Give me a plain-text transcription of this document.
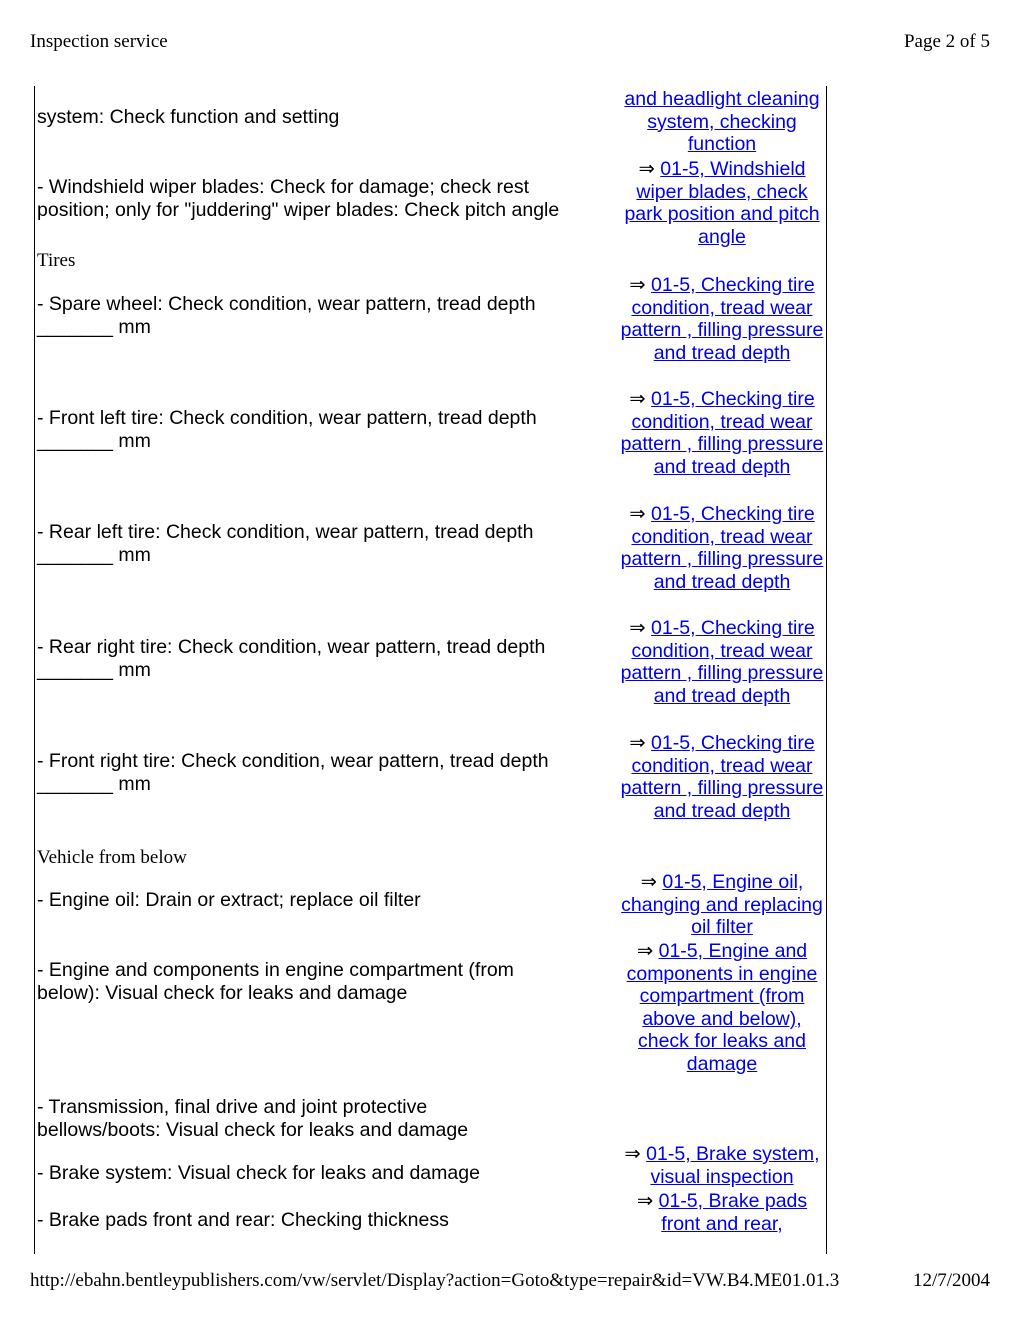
Inspection service	Page 2 of 5
system: Check function and setting
- Windshield wiper blades: Check for damage; check rest position; only for "juddering" wiper blades: Check pitch angle
Tires
- Spare wheel: Check condition, wear pattern, tread depth _______ mm
- Front left tire: Check condition, wear pattern, tread depth _______ mm
- Rear left tire: Check condition, wear pattern, tread depth _______ mm
- Rear right tire: Check condition, wear pattern, tread depth _______ mm
- Front right tire: Check condition, wear pattern, tread depth _______ mm
Vehicle from below
- Engine oil: Drain or extract; replace oil filter
- Engine and components in engine compartment (from below): Visual check for leaks and damage
- Transmission, final drive and joint protective bellows/boots: Visual check for leaks and damage
- Brake system: Visual check for leaks and damage
- Brake pads front and rear: Checking thickness
and headlight cleaning system, checking function
⇒ 01-5, Windshield wiper blades, check park position and pitch angle
⇒ 01-5, Checking tire condition, tread wear pattern , filling pressure and tread depth
⇒ 01-5, Checking tire condition, tread wear pattern , filling pressure and tread depth
⇒ 01-5, Checking tire condition, tread wear pattern , filling pressure and tread depth
⇒ 01-5, Checking tire condition, tread wear pattern , filling pressure and tread depth
⇒ 01-5, Checking tire condition, tread wear pattern , filling pressure and tread depth
⇒ 01-5, Engine oil, changing and replacing oil filter
⇒ 01-5, Engine and components in engine compartment (from above and below), check for leaks and damage
⇒ 01-5, Brake system, visual inspection
⇒ 01-5, Brake pads front and rear,
http://ebahn.bentleypublishers.com/vw/servlet/Display?action=Goto&type=repair&id=VW.B4.ME01.01.3	12/7/2004
